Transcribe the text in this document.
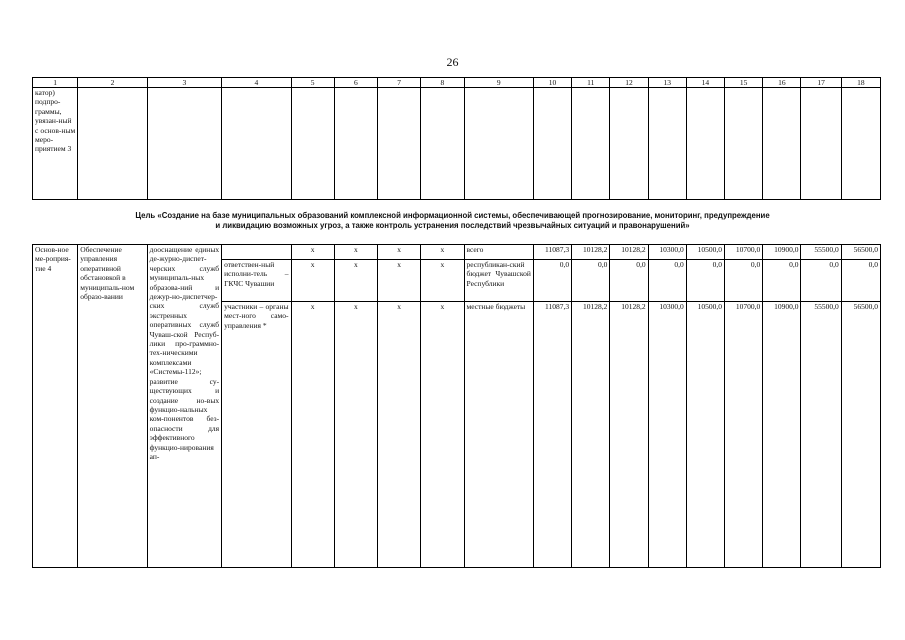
26
1	2	3	4	5	6	7	8	9	10	11	12	13	14	15	16	17	18
катор) подпро-граммы, увязан-ный с основ-ным меро-приятием 3																	
Цель «Создание на базе муниципальных образований комплексной информационной системы, обеспечивающей прогнозирование, мониторинг, предупреждение
и ликвидацию возможных угроз, а также контроль устранения последствий чрезвычайных ситуаций и правонарушений»
Основ-ное ме-роприя-тие 4	Обеспечение управления оперативной обстановкой в муниципаль-ном образо-вании	дооснащение единых де-журно-диспет-черских служб муниципаль-ных образова-ний и дежур-но-диспетчер-ских служб экстренных оперативных служб Чуваш-ской Респуб-лики про-граммно-тех-ническими комплексами «Системы-112»; развитие су-ществующих и создание но-вых функцио-нальных ком-понентов без-опасности для эффективного функцио-нирования ап-		х	х	х	х	всего	11087,3	10128,2	10128,2	10300,0	10500,0	10700,0	10900,0	55500,0	56500,0
			ответствен-ный исполни-тель – ГКЧС Чувашии	х	х	х	х	республикан-ский бюджет Чувашской Республики	0,0	0,0	0,0	0,0	0,0	0,0	0,0	0,0	0,0
			участники – органы мест-ного само-управления *	х	х	х	х	местные бюджеты	11087,3	10128,2	10128,2	10300,0	10500,0	10700,0	10900,0	55500,0	56500,0
